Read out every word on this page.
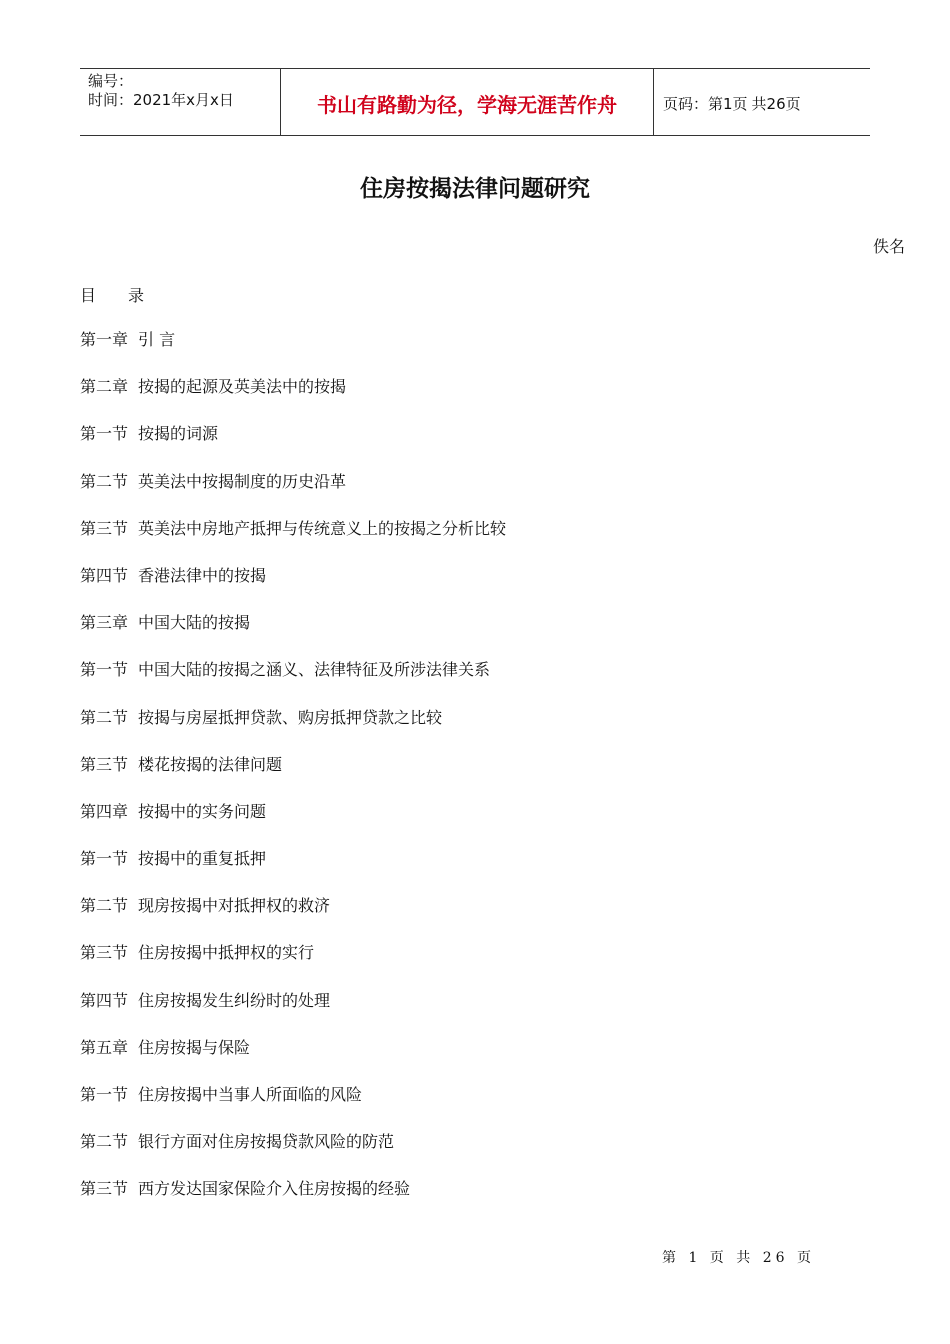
编号：
时间：2021年x月x日	书山有路勤为径，学海无涯苦作舟	页码：第1页 共26页
住房按揭法律问题研究
佚名
目 录
第一章 引 言
第二章 按揭的起源及英美法中的按揭
第一节 按揭的词源
第二节 英美法中按揭制度的历史沿革
第三节 英美法中房地产抵押与传统意义上的按揭之分析比较
第四节 香港法律中的按揭
第三章 中国大陆的按揭
第一节 中国大陆的按揭之涵义、法律特征及所涉法律关系
第二节 按揭与房屋抵押贷款、购房抵押贷款之比较
第三节 楼花按揭的法律问题
第四章 按揭中的实务问题
第一节 按揭中的重复抵押
第二节 现房按揭中对抵押权的救济
第三节 住房按揭中抵押权的实行
第四节 住房按揭发生纠纷时的处理
第五章 住房按揭与保险
第一节 住房按揭中当事人所面临的风险
第二节 银行方面对住房按揭贷款风险的防范
第三节 西方发达国家保险介入住房按揭的经验
第 1 页 共 26 页
